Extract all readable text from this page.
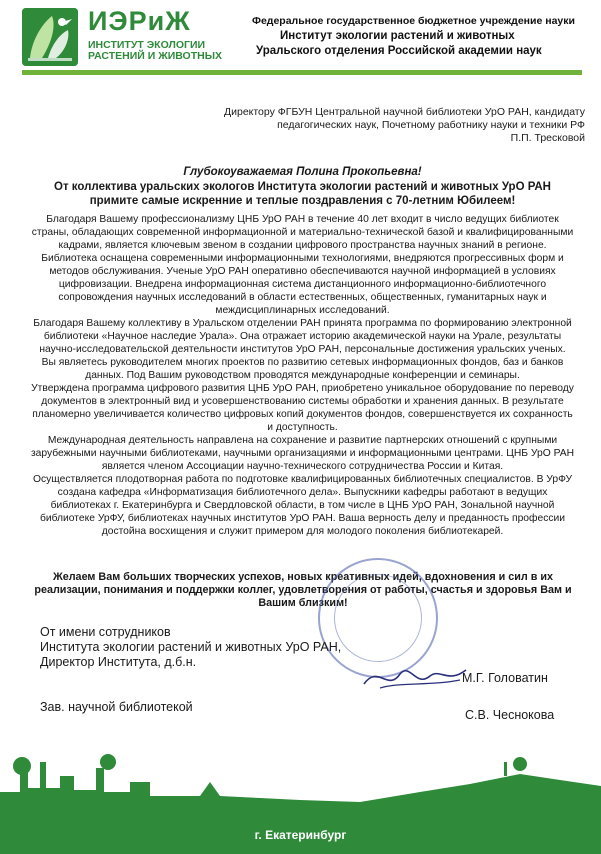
ИЭРиЖ
ИНСТИТУТ ЭКОЛОГИИ
РАСТЕНИЙ И ЖИВОТНЫХ
Федеральное государственное бюджетное учреждение науки
Институт экологии растений и животных
Уральского отделения Российской академии наук
Директору ФГБУН Центральной научной библиотеки УрО РАН, кандидату
педагогических наук, Почетному работнику науки и техники РФ
П.П. Тресковой
Глубокоуважаемая Полина Прокопьевна!
От коллектива уральских экологов Института экологии растений и животных УрО РАН
примите самые искренние и теплые поздравления с 70-летним Юбилеем!

Благодаря Вашему профессионализму ЦНБ УрО РАН в течение 40 лет входит в число ведущих библиотек страны, обладающих современной информационной и материально-технической базой и квалифицированными кадрами, является ключевым звеном в создании цифрового пространства научных знаний в регионе. Библиотека оснащена современными информационными технологиями, внедряются прогрессивных форм и методов обслуживания. Ученые УрО РАН оперативно обеспечиваются научной информацией в условиях цифровизации. Внедрена информационная система дистанционного информационно-библиотечного сопровождения научных исследований в области естественных, общественных, гуманитарных наук и междисциплинарных исследований.

Благодаря Вашему коллективу в Уральском отделении РАН принята программа по формированию электронной библиотеки «Научное наследие Урала». Она отражает историю академической науки на Урале, результаты научно-исследовательской деятельности институтов УрО РАН, персональные достижения уральских ученых.

Вы являетесь руководителем многих проектов по развитию сетевых информационных фондов, баз и банков данных. Под Вашим руководством проводятся международные конференции и семинары.

Утверждена программа цифрового развития ЦНБ УрО РАН, приобретено уникальное оборудование по переводу документов в электронный вид и усовершенствованию системы обработки и хранения данных. В результате планомерно увеличивается количество цифровых копий документов фондов, совершенствуется их сохранность и доступность.

Международная деятельность направлена на сохранение и развитие партнерских отношений с крупными зарубежными научными библиотеками, научными организациями и информационными центрами. ЦНБ УрО РАН является членом Ассоциации научно-технического сотрудничества России и Китая.

Осуществляется плодотворная работа по подготовке квалифицированных библиотечных специалистов. В УрФУ создана кафедра «Информатизация библиотечного дела». Выпускники кафедры работают в ведущих библиотеках г. Екатеринбурга и Свердловской области, в том числе в ЦНБ УрО РАН, Зональной научной библиотеке УрФУ, библиотеках научных институтов УрО РАН. Ваша верность делу и преданность профессии достойна восхищения и служит примером для молодого поколения библиотекарей.

Желаем Вам больших творческих успехов, новых креативных идей, вдохновения и сил в их реализации, понимания и поддержки коллег, удовлетворения от работы, счастья и здоровья Вам и Вашим близким!
От имени сотрудников
Института экологии растений и животных УрО РАН,
Директор Института, д.б.н.
М.Г. Головатин
Зав. научной библиотекой
С.В. Чеснокова
г. Екатеринбург
